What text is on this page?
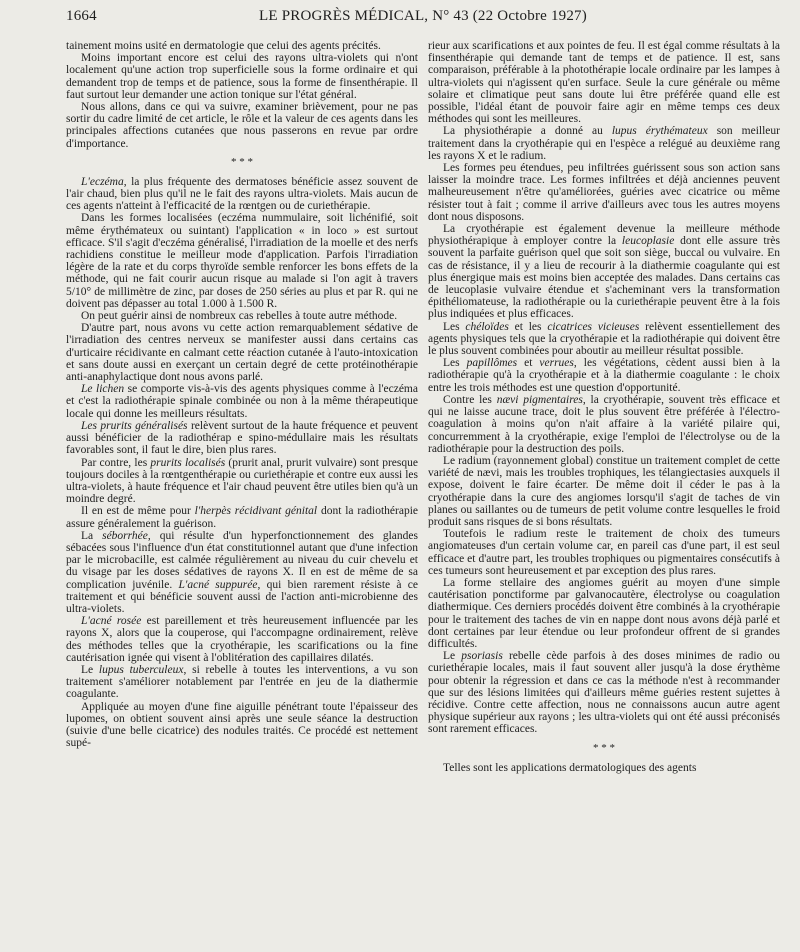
1664	LE PROGRÈS MÉDICAL, N° 43 (22 Octobre 1927)

tainement moins usité en dermatologie que celui des agents précités.

Moins important encore est celui des rayons ultra-violets qui n'ont localement qu'une action trop superficielle sous la forme ordinaire et qui demandent trop de temps et de patience, sous la forme de finsenthérapie. Il faut surtout leur demander une action tonique sur l'état général.

Nous allons, dans ce qui va suivre, examiner brièvement, pour ne pas sortir du cadre limité de cet article, le rôle et la valeur de ces agents dans les principales affections cutanées que nous passerons en revue par ordre d'importance.

* * *

L'eczéma, la plus fréquente des dermatoses bénéficie assez souvent de l'air chaud, bien plus qu'il ne le fait des rayons ultra-violets. Mais aucun de ces agents n'atteint à l'efficacité de la rœntgen ou de curiethérapie.

Dans les formes localisées (eczéma nummulaire, soit lichénifié, soit même érythémateux ou suintant) l'application « in loco » est surtout efficace. S'il s'agit d'eczéma généralisé, l'irradiation de la moelle et des nerfs rachidiens constitue le meilleur mode d'application. Parfois l'irradiation légère de la rate et du corps thyroïde semble renforcer les bons effets de la méthode, qui ne fait courir aucun risque au malade si l'on agit à travers 5/10° de millimètre de zinc, par doses de 250 séries au plus et par R. qui ne doivent pas dépasser au total 1.000 à 1.500 R.

On peut guérir ainsi de nombreux cas rebelles à toute autre méthode.

D'autre part, nous avons vu cette action remarquablement sédative de l'irradiation des centres nerveux se manifester aussi dans certains cas d'urticaire récidivante en calmant cette réaction cutanée à l'auto-intoxication et sans doute aussi en exerçant un certain degré de cette protéinothérapie anti-anaphylactique dont nous avons parlé.

Le lichen se comporte vis-à-vis des agents physiques comme à l'eczéma et c'est la radiothérapie spinale combinée ou non à la même thérapeutique locale qui donne les meilleurs résultats.

Les prurits généralisés relèvent surtout de la haute fréquence et peuvent aussi bénéficier de la radiothérap e spino-médullaire mais les résultats favorables sont, il faut le dire, bien plus rares.

Par contre, les prurits localisés (prurit anal, prurit vulvaire) sont presque toujours dociles à la rœntgenthérapie ou curiethérapie et contre eux aussi les ultra-violets, à haute fréquence et l'air chaud peuvent être utiles bien qu'à un moindre degré.

Il en est de même pour l'herpès récidivant génital dont la radiothérapie assure généralement la guérison.

La séborrhée, qui résulte d'un hyperfonctionnement des glandes sébacées sous l'influence d'un état constitutionnel autant que d'une infection par le microbacille, est calmée régulièrement au niveau du cuir chevelu et du visage par les doses sédatives de rayons X. Il en est de même de sa complication juvénile. L'acné suppurée, qui bien rarement résiste à ce traitement et qui bénéficie souvent aussi de l'action anti-microbienne des ultra-violets.

L'acné rosée est pareillement et très heureusement influencée par les rayons X, alors que la couperose, qui l'accompagne ordinairement, relève des méthodes telles que la cryothérapie, les scarifications ou la fine cautérisation ignée qui visent à l'oblitération des capillaires dilatés.

Le lupus tuberculeux, si rebelle à toutes les interventions, a vu son traitement s'améliorer notablement par l'entrée en jeu de la diathermie coagulante.

Appliquée au moyen d'une fine aiguille pénétrant toute l'épaisseur des lupomes, on obtient souvent ainsi après une seule séance la destruction (suivie d'une belle cicatrice) des nodules traités. Ce procédé est nettement supé-

rieur aux scarifications et aux pointes de feu. Il est égal comme résultats à la finsenthérapie qui demande tant de temps et de patience. Il est, sans comparaison, préférable à la photothérapie locale ordinaire par les lampes à ultra-violets qui n'agissent qu'en surface. Seule la cure générale ou même solaire et climatique peut sans doute lui être préférée quand elle est possible, l'idéal étant de pouvoir faire agir en même temps ces deux méthodes qui sont les meilleures.

La physiothérapie a donné au lupus érythémateux son meilleur traitement dans la cryothérapie qui en l'espèce a relégué au deuxième rang les rayons X et le radium.

Les formes peu étendues, peu infiltrées guérissent sous son action sans laisser la moindre trace. Les formes infiltrées et déjà anciennes peuvent malheureusement n'être qu'améliorées, guéries avec cicatrice ou même résister tout à fait ; comme il arrive d'ailleurs avec tous les autres moyens dont nous disposons.

La cryothérapie est également devenue la meilleure méthode physiothérapique à employer contre la leucoplasie dont elle assure très souvent la parfaite guérison quel que soit son siège, buccal ou vulvaire. En cas de résistance, il y a lieu de recourir à la diathermie coagulante qui est plus énergique mais est moins bien acceptée des malades. Dans certains cas de leucoplasie vulvaire étendue et s'acheminant vers la transformation épithéliomateuse, la radiothérapie ou la curiethérapie peuvent être à la fois plus indiquées et plus efficaces.

Les chéloïdes et les cicatrices vicieuses relèvent essentiellement des agents physiques tels que la cryothérapie et la radiothérapie qui doivent être le plus souvent combinées pour aboutir au meilleur résultat possible.

Les papillômes et verrues, les végétations, cèdent aussi bien à la radiothérapie qu'à la cryothérapie et à la diathermie coagulante : le choix entre les trois méthodes est une question d'opportunité.

Contre les nævi pigmentaires, la cryothérapie, souvent très efficace et qui ne laisse aucune trace, doit le plus souvent être préférée à l'électro-coagulation à moins qu'on n'ait affaire à la variété pilaire qui, concurremment à la cryothérapie, exige l'emploi de l'électrolyse ou de la radiothérapie pour la destruction des poils.

Le radium (rayonnement global) constitue un traitement complet de cette variété de nævi, mais les troubles trophiques, les télangiectasies auxquels il expose, doivent le faire écarter. De même doit il céder le pas à la cryothérapie dans la cure des angiomes lorsqu'il s'agit de taches de vin planes ou saillantes ou de tumeurs de petit volume contre lesquelles le froid produit sans risques de si bons résultats.

Toutefois le radium reste le traitement de choix des tumeurs angiomateuses d'un certain volume car, en pareil cas d'une part, il est seul efficace et d'autre part, les troubles trophiques ou pigmentaires consécutifs à ces tumeurs sont heureusement et par exception des plus rares.

La forme stellaire des angiomes guérit au moyen d'une simple cautérisation ponctiforme par galvanocautère, électrolyse ou coagulation diathermique. Ces derniers procédés doivent être combinés à la cryothérapie pour le traitement des taches de vin en nappe dont nous avons déjà parlé et dont certaines par leur étendue ou leur profondeur offrent de si grandes difficultés.

Le psoriasis rebelle cède parfois à des doses minimes de radio ou curiethérapie locales, mais il faut souvent aller jusqu'à la dose érythème pour obtenir la régression et dans ce cas la méthode n'est à recommander que sur des lésions limitées qui d'ailleurs même guéries restent sujettes à récidive. Contre cette affection, nous ne connaissons aucun autre agent physique supérieur aux rayons ; les ultra-violets qui ont été aussi préconisés sont rarement efficaces.

* * *

Telles sont les applications dermatologiques des agents
